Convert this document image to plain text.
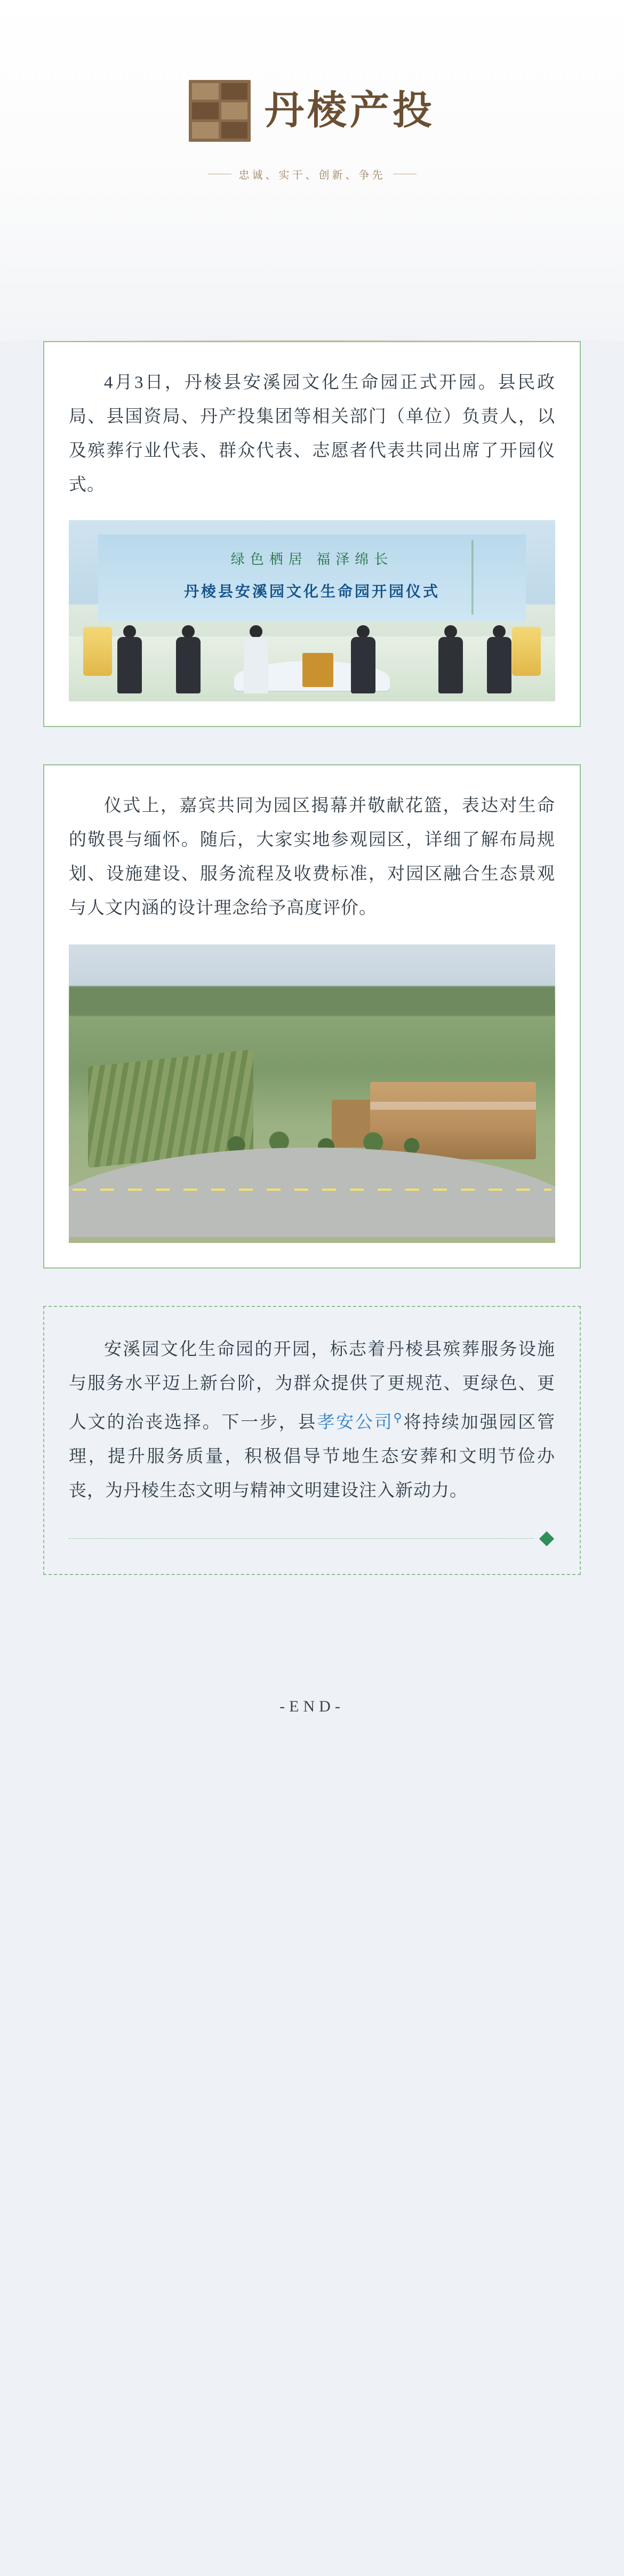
丹棱产投
忠诚、实干、创新、争先

4月3日，丹棱县安溪园文化生命园正式开园。县民政局、县国资局、丹产投集团等相关部门（单位）负责人，以及殡葬行业代表、群众代表、志愿者代表共同出席了开园仪式。

绿色栖居 福泽绵长
丹棱县安溪园文化生命园开园仪式

仪式上，嘉宾共同为园区揭幕并敬献花篮，表达对生命的敬畏与缅怀。随后，大家实地参观园区，详细了解布局规划、设施建设、服务流程及收费标准，对园区融合生态景观与人文内涵的设计理念给予高度评价。

安溪园文化生命园的开园，标志着丹棱县殡葬服务设施与服务水平迈上新台阶，为群众提供了更规范、更绿色、更人文的治丧选择。下一步，县孝安公司⚲将持续加强园区管理，提升服务质量，积极倡导节地生态安葬和文明节俭办丧，为丹棱生态文明与精神文明建设注入新动力。

-END-
